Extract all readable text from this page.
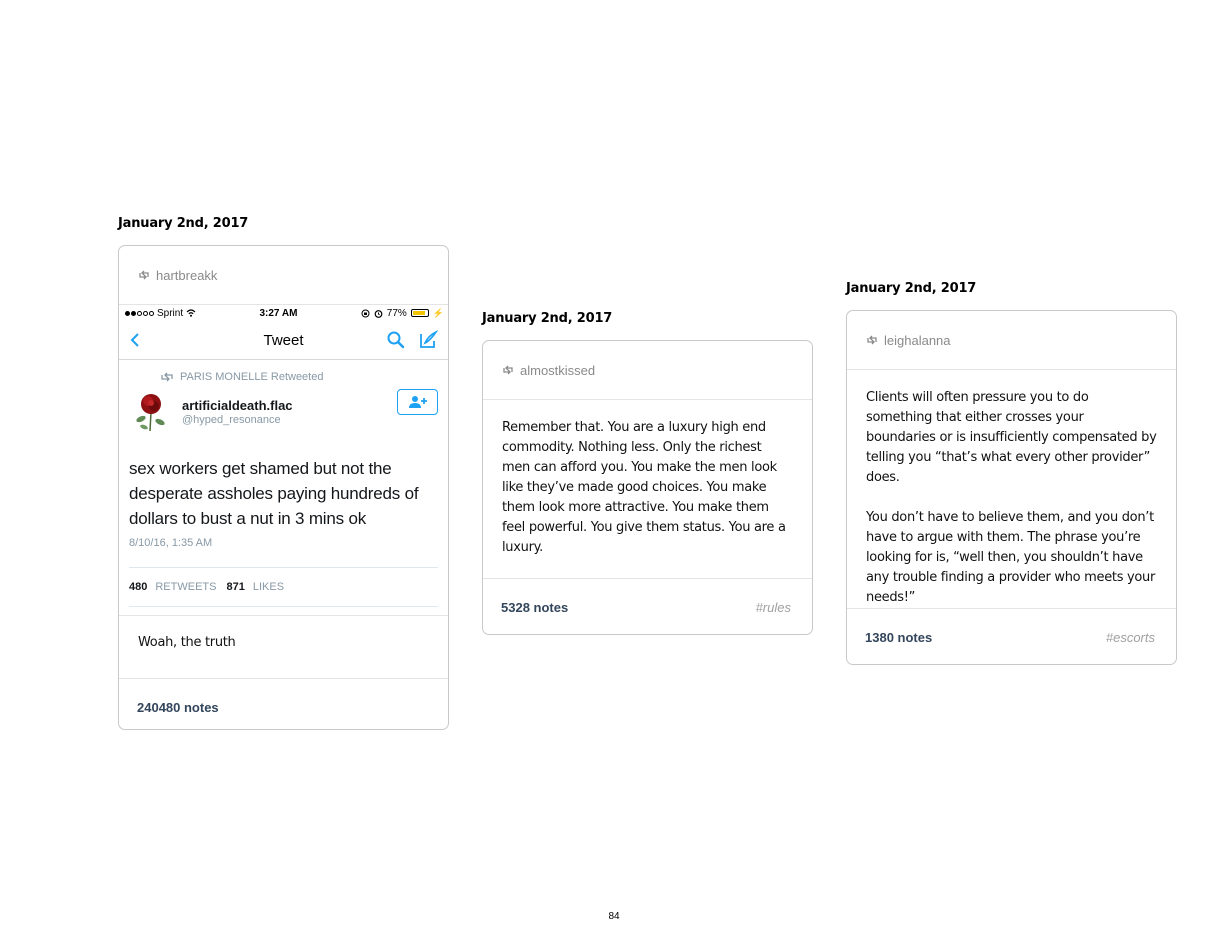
January 2nd, 2017
hartbreakk
Sprint	3:27 AM	77%	⚡
Tweet
PARIS MONELLE Retweeted
artificialdeath.flac
@hyped_resonance
sex workers get shamed but not the desperate assholes paying hundreds of dollars to bust a nut in 3 mins ok
8/10/16, 1:35 AM
480 RETWEETS 871 LIKES

Woah, the truth

240480 notes
January 2nd, 2017
almostkissed

Remember that. You are a luxury high end commodity. Nothing less. Only the richest men can afford you. You make the men look like they’ve made good choices. You make them look more attractive. You make them feel powerful. You give them status. You are a luxury.

5328 notes	#rules
January 2nd, 2017
leighalanna

Clients will often pressure you to do something that either crosses your boundaries or is insufficiently compensated by telling you “that’s what every other provider” does.

You don’t have to believe them, and you don’t have to argue with them. The phrase you’re looking for is, “well then, you shouldn’t have any trouble finding a provider who meets your needs!”

1380 notes	#escorts
84
